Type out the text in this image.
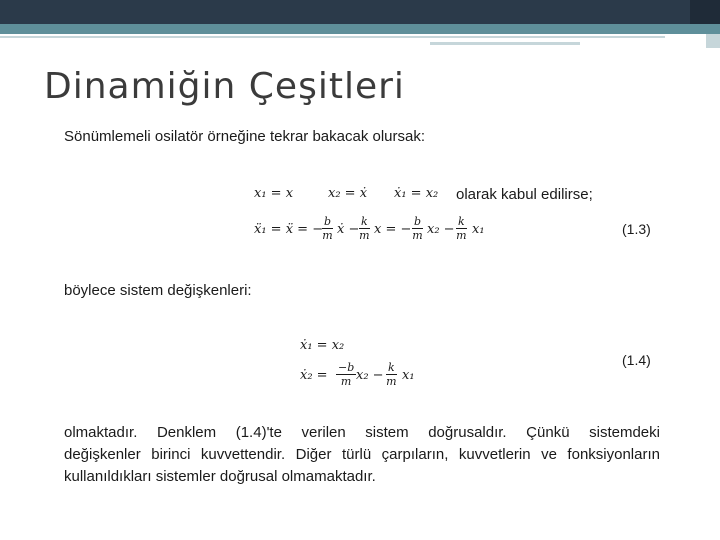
Dinamiğin Çeşitleri
Sönümlemeli osilatör örneğine tekrar bakacak olursak:
x₁ = x	x₂ = ẋ ẋ₁ = x₂ olarak kabul edilirse;
ẍ₁ = ẍ = −
$\frac{b}{m}$ ẋ − $\frac{k}{m}$ x = − $\frac{b}{m} x_2 - \frac{k}{m} x_1$	(1.3)
böylece sistem değişkenleri:
ẋ₁ = x₂
ẋ₂ = $\frac{-b}{m} x_2 - \frac{k}{m} x_1$
(1.4)
olmaktadır. Denklem (1.4)'te verilen sistem doğrusaldır. Çünkü sistemdeki
değişkenler birinci kuvvettendir. Diğer türlü çarpıların, kuvvetlerin ve fonksiyonların
kullanıldıkları sistemler doğrusal olmamaktadır.
